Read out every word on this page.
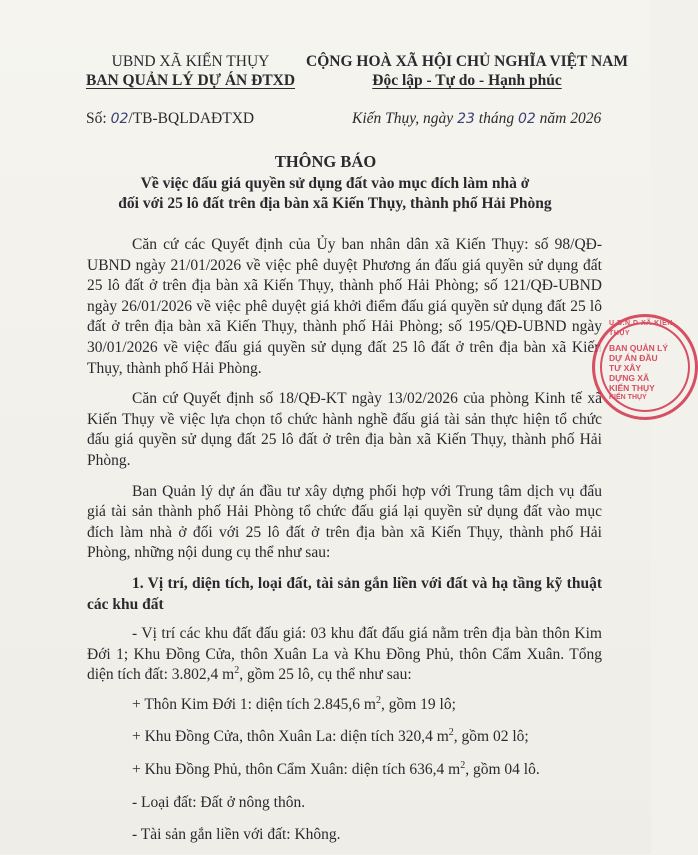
UBND XÃ KIẾN THỤY
BAN QUẢN LÝ DỰ ÁN ĐTXD
CỘNG HOÀ XÃ HỘI CHỦ NGHĨA VIỆT NAM
Độc lập - Tự do - Hạnh phúc
Số: 02/TB-BQLDAĐTXD	Kiến Thụy, ngày 23 tháng 02 năm 2026
THÔNG BÁO
Về việc đấu giá quyền sử dụng đất vào mục đích làm nhà ở
đối với 25 lô đất trên địa bàn xã Kiến Thụy, thành phố Hải Phòng

Căn cứ các Quyết định của Ủy ban nhân dân xã Kiến Thụy: số 98/QĐ-UBND ngày 21/01/2026 về việc phê duyệt Phương án đấu giá quyền sử dụng đất 25 lô đất ở trên địa bàn xã Kiến Thụy, thành phố Hải Phòng; số 121/QĐ-UBND ngày 26/01/2026 về việc phê duyệt giá khởi điểm đấu giá quyền sử dụng đất 25 lô đất ở trên địa bàn xã Kiến Thụy, thành phố Hải Phòng; số 195/QĐ-UBND ngày 30/01/2026 về việc đấu giá quyền sử dụng đất 25 lô đất ở trên địa bàn xã Kiến Thụy, thành phố Hải Phòng.

Căn cứ Quyết định số 18/QĐ-KT ngày 13/02/2026 của phòng Kinh tế xã Kiến Thụy về việc lựa chọn tổ chức hành nghề đấu giá tài sản thực hiện tổ chức đấu giá quyền sử dụng đất 25 lô đất ở trên địa bàn xã Kiến Thụy, thành phố Hải Phòng.

Ban Quản lý dự án đầu tư xây dựng phối hợp với Trung tâm dịch vụ đấu giá tài sản thành phố Hải Phòng tổ chức đấu giá lại quyền sử dụng đất vào mục đích làm nhà ở đối với 25 lô đất ở trên địa bàn xã Kiến Thụy, thành phố Hải Phòng, những nội dung cụ thể như sau:

1. Vị trí, diện tích, loại đất, tài sản gắn liền với đất và hạ tầng kỹ thuật các khu đất

- Vị trí các khu đất đấu giá: 03 khu đất đấu giá nằm trên địa bàn thôn Kim Đới 1; Khu Đồng Cửa, thôn Xuân La và Khu Đồng Phủ, thôn Cẩm Xuân. Tổng diện tích đất: 3.802,4 $m^2$, gồm 25 lô, cụ thể như sau:

+ Thôn Kim Đới 1: diện tích 2.845,6 $m^2$, gồm 19 lô;

+ Khu Đồng Cửa, thôn Xuân La: diện tích 320,4 $m^2$, gồm 02 lô;

+ Khu Đồng Phủ, thôn Cẩm Xuân: diện tích 636,4 $m^2$, gồm 04 lô.

- Loại đất: Đất ở nông thôn.

- Tài sản gắn liền với đất: Không.

U.B.N.D XÃ KIẾN THỤY
BAN QUẢN LÝ DỰ ÁN ĐẦU TƯ XÂY DỰNG XÃ KIẾN THỤY
KIẾN THỤY
